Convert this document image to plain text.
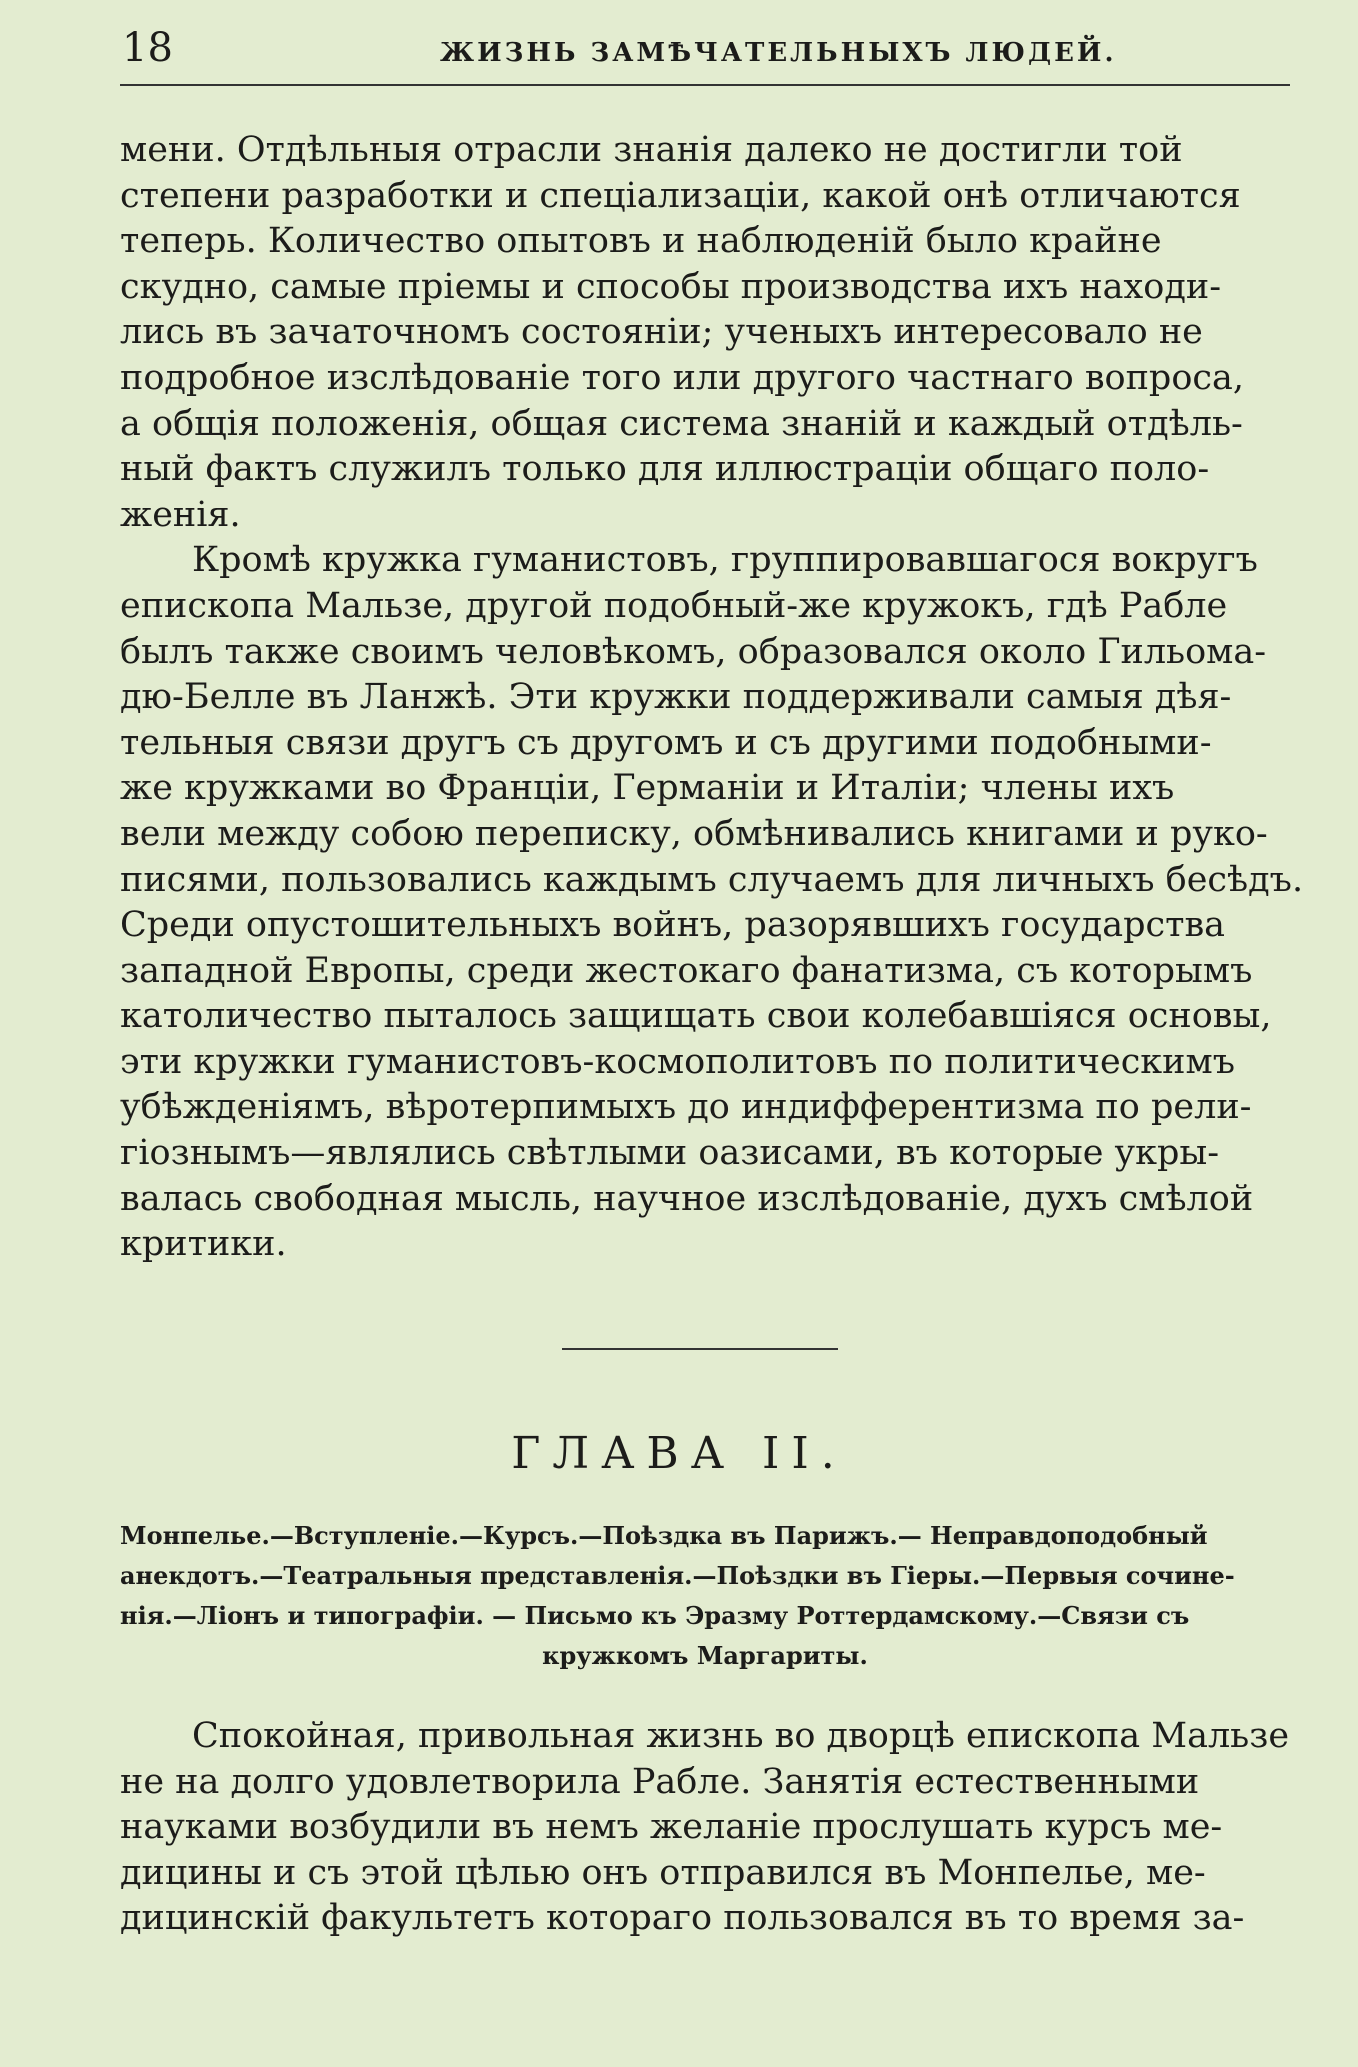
18	ЖИЗНЬ ЗАМѢЧАТЕЛЬНЫХЪ ЛЮДЕЙ.
мени. Отдѣльныя отрасли знанія далеко не достигли той
степени разработки и спеціализаціи, какой онѣ отличаются
теперь. Количество опытовъ и наблюденій было крайне
скудно, самые пріемы и способы производства ихъ находи-
лись въ зачаточномъ состояніи; ученыхъ интересовало не
подробное изслѣдованіе того или другого частнаго вопроса,
а общія положенія, общая система знаній и каждый отдѣль-
ный фактъ служилъ только для иллюстраціи общаго поло-
женія.
Кромѣ кружка гуманистовъ, группировавшагося вокругъ
епископа Мальзе, другой подобный-же кружокъ, гдѣ Рабле
былъ также своимъ человѣкомъ, образовался около Гильома-
дю-Белле въ Ланжѣ. Эти кружки поддерживали самыя дѣя-
тельныя связи другъ съ другомъ и съ другими подобными-
же кружками во Франціи, Германіи и Италіи; члены ихъ
вели между собою переписку, обмѣнивались книгами и руко-
писями, пользовались каждымъ случаемъ для личныхъ бесѣдъ.
Среди опустошительныхъ войнъ, разорявшихъ государства
западной Европы, среди жестокаго фанатизма, съ которымъ
католичество пыталось защищать свои колебавшіяся основы,
эти кружки гуманистовъ-космополитовъ по политическимъ
убѣжденіямъ, вѣротерпимыхъ до индифферентизма по рели-
гіознымъ—являлись свѣтлыми оазисами, въ которые укры-
валась свободная мысль, научное изслѣдованіе, духъ смѣлой
критики.
ГЛАВА II.
Монпелье.—Вступленіе.—Курсъ.—Поѣздка въ Парижъ.— Неправдоподобный
анекдотъ.—Театральныя представленія.—Поѣздки въ Гіеры.—Первыя сочине-
нія.—Ліонъ и типографіи. — Письмо къ Эразму Роттердамскому.—Связи съ
кружкомъ Маргариты.
Спокойная, привольная жизнь во дворцѣ епископа Мальзе
не на долго удовлетворила Рабле. Занятія естественными
науками возбудили въ немъ желаніе прослушать курсъ ме-
дицины и съ этой цѣлью онъ отправился въ Монпелье, ме-
дицинскій факультетъ котораго пользовался въ то время за-
